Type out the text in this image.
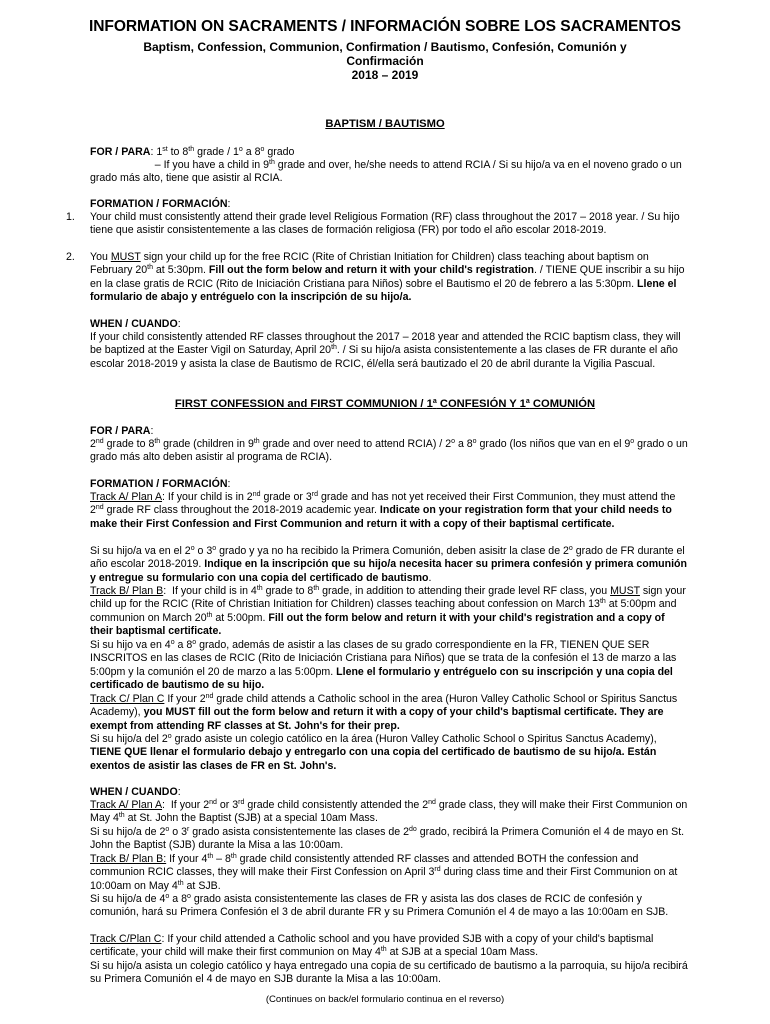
INFORMATION ON SACRAMENTS / INFORMACIÓN SOBRE LOS SACRAMENTOS
Baptism, Confession, Communion, Confirmation / Bautismo, Confesión, Comunión y
Confirmación
2018 – 2019
BAPTISM / BAUTISMO

FOR / PARA: 1st to 8th grade / 1$^o$ a 8$^o$ grado

– If you have a child in 9th grade and over, he/she needs to attend RCIA / Si su hijo/a va en el noveno grado o un grado más alto, tiene que asistir al RCIA.

FORMATION / FORMACIÓN:

1. Your child must consistently attend their grade level Religious Formation (RF) class throughout the 2017 – 2018 year. / Su hijo tiene que asistir consistentemente a las clases de formación religiosa (FR) por todo el año escolar 2018-2019.

2. You MUST sign your child up for the free RCIC (Rite of Christian Initiation for Children) class teaching about baptism on February 20th at 5:30pm. Fill out the form below and return it with your child's registration. / TIENE QUE inscribir a su hijo en la clase gratis de RCIC (Rito de Iniciación Cristiana para Niños) sobre el Bautismo el 20 de febrero a las 5:30pm. Llene el formulario de abajo y entréguelo con la inscripción de su hijo/a.

WHEN / CUANDO:

If your child consistently attended RF classes throughout the 2017 – 2018 year and attended the RCIC baptism class, they will be baptized at the Easter Vigil on Saturday, April 20th. / Si su hijo/a asista consistentemente a las clases de FR durante el año escolar 2018-2019 y asista la clase de Bautismo de RCIC, él/ella será bautizado el 20 de abril durante la Vigilia Pascual.

FIRST CONFESSION and FIRST COMMUNION / 1$^a$ CONFESIÓN Y 1$^a$ COMUNIÓN

FOR / PARA:

2nd grade to 8th grade (children in 9th grade and over need to attend RCIA) / 2$^o$ a 8$^o$ grado (los niños que van en el 9$^o$ grado o un grado más alto deben asistir al programa de RCIA).

FORMATION / FORMACIÓN:

Track A/ Plan A: If your child is in 2nd grade or 3rd grade and has not yet received their First Communion, they must attend the 2nd grade RF class throughout the 2018-2019 academic year. Indicate on your registration form that your child needs to make their First Confession and First Communion and return it with a copy of their baptismal certificate.

Si su hijo/a va en el 2$^o$ o 3$^o$ grado y ya no ha recibido la Primera Comunión, deben asisitr la clase de 2$^o$ grado de FR durante el año escolar 2018-2019. Indique en la inscripción que su hijo/a necesita hacer su primera confesión y primera comunión y entregue su formulario con una copia del certificado de bautismo.

Track B/ Plan B:  If your child is in 4th grade to 8th grade, in addition to attending their grade level RF class, you MUST sign your child up for the RCIC (Rite of Christian Initiation for Children) classes teaching about confession on March 13th at 5:00pm and communion on March 20th at 5:00pm. Fill out the form below and return it with your child's registration and a copy of their baptismal certificate.

Si su hijo va en 4$^o$ a 8$^o$ grado, además de asistir a las clases de su grado correspondiente en la FR, TIENEN QUE SER INSCRITOS en las clases de RCIC (Rito de Iniciación Cristiana para Niños) que se trata de la confesión el 13 de marzo a las 5:00pm y la comunión el 20 de marzo a las 5:00pm. Llene el formulario y entréguelo con su inscripción y una copia del certificado de bautismo de su hijo.

Track C/ Plan C If your 2nd grade child attends a Catholic school in the area (Huron Valley Catholic School or Spiritus Sanctus Academy), you MUST fill out the form below and return it with a copy of your child's baptismal certificate. They are exempt from attending RF classes at St. John's for their prep.

Si su hijo/a del 2$^o$ grado asiste un colegio católico en la área (Huron Valley Catholic School o Spiritus Sanctus Academy), TIENE QUE llenar el formulario debajo y entregarlo con una copia del certificado de bautismo de su hijo/a. Están exentos de asistir las clases de FR en St. John's.

WHEN / CUANDO:

Track A/ Plan A:  If your 2nd or 3rd grade child consistently attended the 2nd grade class, they will make their First Communion on May 4th at St. John the Baptist (SJB) at a special 10am Mass.

Si su hijo/a de 2$^o$ o 3$^r$ grado asista consistentemente las clases de $2^{do}$ grado, recibirá la Primera Comunión el 4 de mayo en St. John the Baptist (SJB) durante la Misa a las 10:00am.

Track B/ Plan B: If your 4th – 8th grade child consistently attended RF classes and attended BOTH the confession and communion RCIC classes, they will make their First Confession on April 3rd during class time and their First Communion on at 10:00am on May 4th at SJB.

Si su hijo/a de 4$^o$ a 8$^o$ grado asista consistentemente las clases de FR y asista las dos clases de RCIC de confesión y comunión, hará su Primera Confesión el 3 de abril durante FR y su Primera Comunión el 4 de mayo a las 10:00am en SJB.

Track C/Plan C: If your child attended a Catholic school and you have provided SJB with a copy of your child's baptismal certificate, your child will make their first communion on May 4th at SJB at a special 10am Mass.

Si su hijo/a asista un colegio católico y haya entregado una copia de su certificado de bautismo a la parroquia, su hijo/a recibirá su Primera Comunión el 4 de mayo en SJB durante la Misa a las 10:00am.

(Continues on back/el formulario continua en el reverso)
